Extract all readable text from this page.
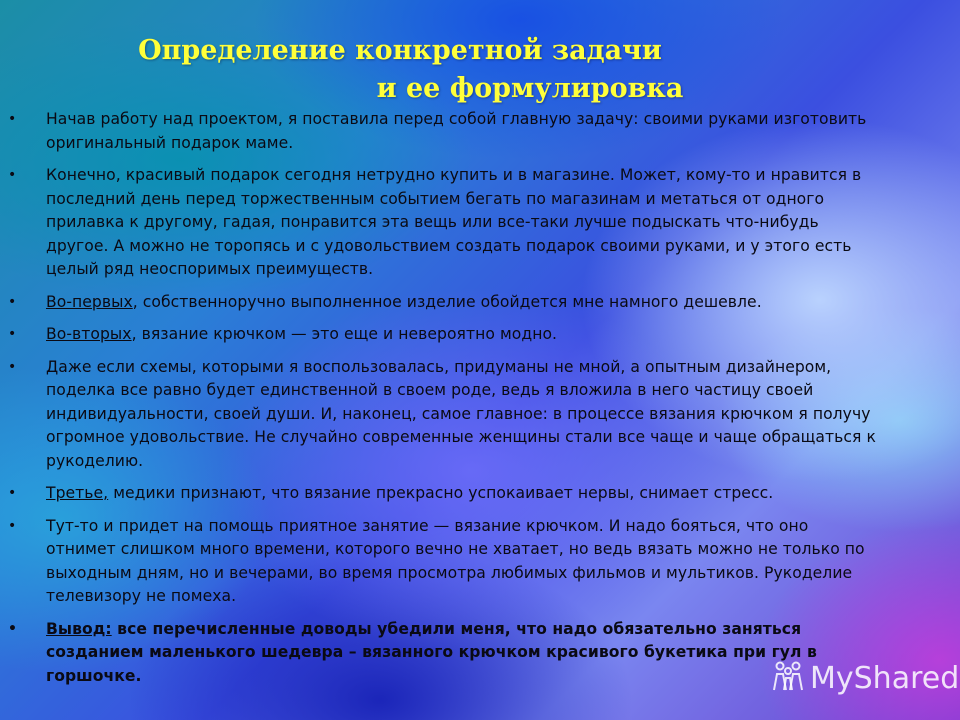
Определение конкретной задачи
и ее формулировка
• Начав работу над проектом, я поставила перед собой главную задачу: своими руками изготовить оригинальный подарок маме.
• Конечно, красивый подарок сегодня нетрудно купить и в магазине. Может, кому-то и нравится в последний день перед торжественным событием бегать по магазинам и метаться от одного прилавка к другому, гадая, понравится эта вещь или все-таки лучше подыскать что-нибудь другое. А можно не торопясь и с удовольствием создать подарок своими руками, и у этого есть целый ряд неоспоримых преимуществ.
• Во-первых, собственноручно выполненное изделие обойдется мне намного дешевле.
• Во-вторых, вязание крючком — это еще и невероятно модно.
• Даже если схемы, которыми я воспользовалась, придуманы не мной, а опытным дизайнером, поделка все равно будет единственной в своем роде, ведь я вложила в него частицу своей индивидуальности, своей души. И, наконец, самое главное: в процессе вязания крючком я получу огромное удовольствие. Не случайно современные женщины стали все чаще и чаще обращаться к рукоделию.
• Третье, медики признают, что вязание прекрасно успокаивает нервы, снимает стресс.
• Тут-то и придет на помощь приятное занятие — вязание крючком. И надо бояться, что оно отнимет слишком много времени, которого вечно не хватает, но ведь вязать можно не только по выходным дням, но и вечерами, во время просмотра любимых фильмов и мультиков. Рукоделие телевизору не помеха.
• Вывод: все перечисленные доводы убедили меня, что надо обязательно заняться созданием маленького шедевра – вязанного крючком красивого букетика при гул в горшочке.	MyShared
